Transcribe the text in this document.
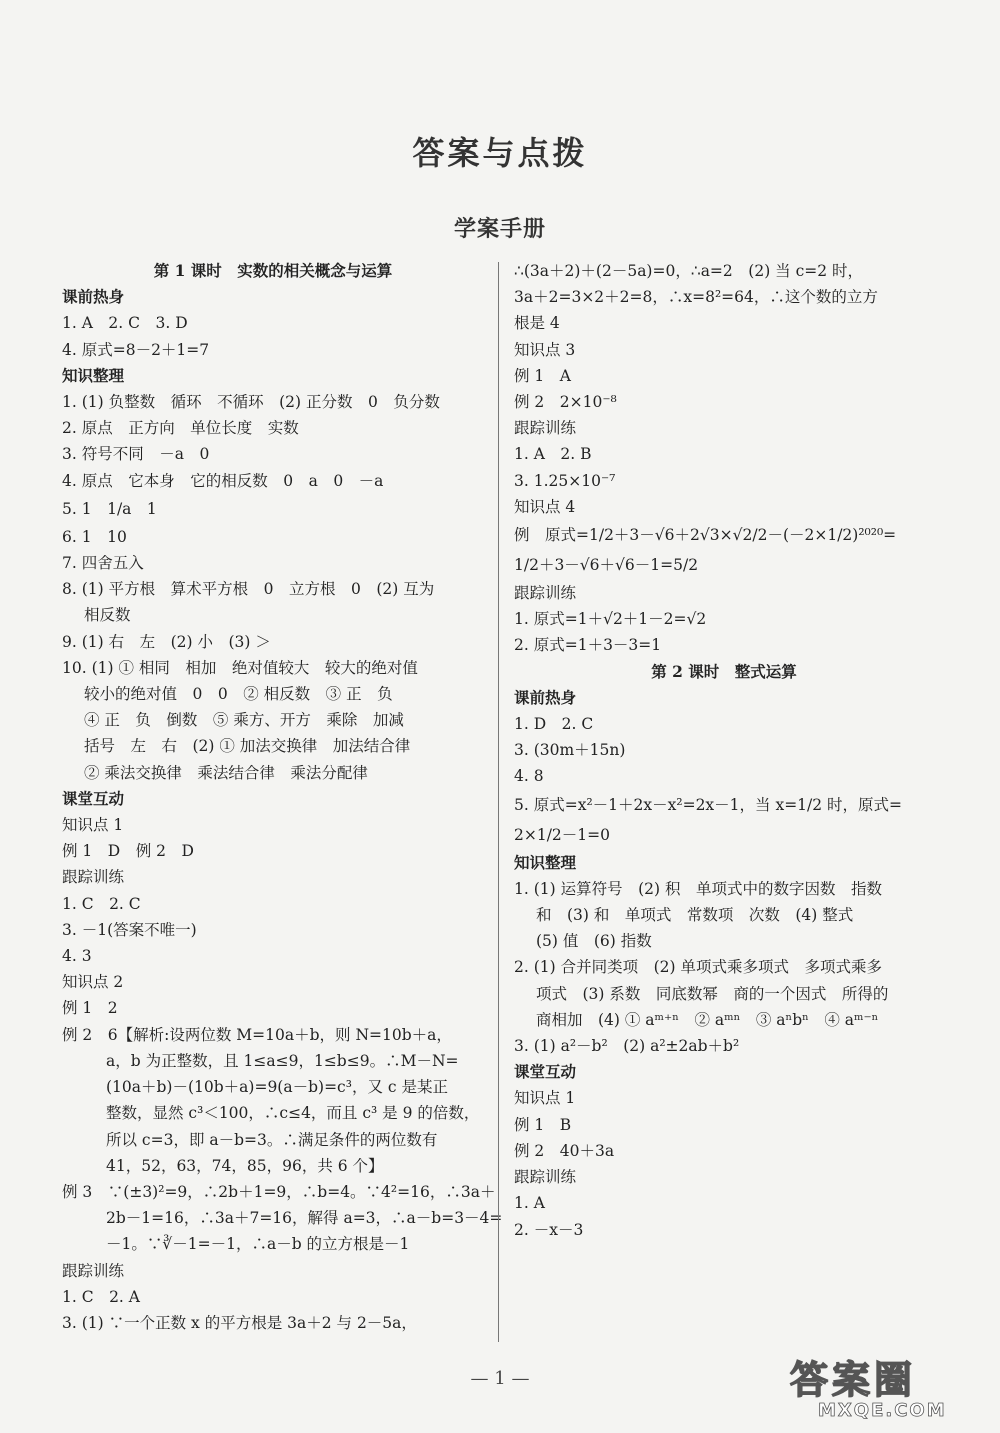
答案与点拨
学案手册
第 1 课时　实数的相关概念与运算
课前热身
1. A　2. C　3. D
4. 原式=8－2＋1=7
知识整理
1. (1) 负整数　循环　不循环　(2) 正分数　0　负分数
2. 原点　正方向　单位长度　实数
3. 符号不同　－a　0
4. 原点　它本身　它的相反数　0　a　0　－a
5. 1　1/a　1
6. 1　10
7. 四舍五入
8. (1) 平方根　算术平方根　0　立方根　0　(2) 互为
相反数
9. (1) 右　左　(2) 小　(3) ＞
10. (1) ① 相同　相加　绝对值较大　较大的绝对值
较小的绝对值　0　0　② 相反数　③ 正　负
④ 正　负　倒数　⑤ 乘方、开方　乘除　加减
括号　左　右　(2) ① 加法交换律　加法结合律
② 乘法交换律　乘法结合律　乘法分配律
课堂互动
知识点 1
例 1　D　例 2　D
跟踪训练
1. C　2. C
3. －1(答案不唯一)
4. 3
知识点 2
例 1　2
例 2　6【解析:设两位数 M=10a＋b，则 N=10b＋a，
a，b 为正整数，且 1≤a≤9，1≤b≤9。∴M－N=
(10a＋b)－(10b＋a)=9(a－b)=c³，又 c 是某正
整数，显然 c³＜100，∴c≤4，而且 c³ 是 9 的倍数，
所以 c=3，即 a－b=3。∴满足条件的两位数有
41，52，63，74，85，96，共 6 个】
例 3　∵(±3)²=9，∴2b＋1=9，∴b=4。∵4²=16，∴3a＋
2b－1=16，∴3a＋7=16，解得 a=3，∴a－b=3－4=
－1。∵∛－1=－1，∴a－b 的立方根是－1
跟踪训练
1. C　2. A
3. (1) ∵一个正数 x 的平方根是 3a＋2 与 2－5a，
∴(3a＋2)＋(2－5a)=0，∴a=2　(2) 当 c=2 时，
3a＋2=3×2＋2=8，∴x=8²=64，∴这个数的立方
根是 4
知识点 3
例 1　A
例 2　2×10⁻⁸
跟踪训练
1. A　2. B
3. 1.25×10⁻⁷
知识点 4
例　原式=1/2＋3－√6＋2√3×√2/2－(－2×1/2)²⁰²⁰=
1/2＋3－√6＋√6－1=5/2
跟踪训练
1. 原式=1＋√2＋1－2=√2
2. 原式=1＋3－3=1
第 2 课时　整式运算
课前热身
1. D　2. C
3. (30m＋15n)
4. 8
5. 原式=x²－1＋2x－x²=2x－1，当 x=1/2 时，原式=
2×1/2－1=0
知识整理
1. (1) 运算符号　(2) 积　单项式中的数字因数　指数
和　(3) 和　单项式　常数项　次数　(4) 整式
(5) 值　(6) 指数
2. (1) 合并同类项　(2) 单项式乘多项式　多项式乘多
项式　(3) 系数　同底数幂　商的一个因式　所得的
商相加　(4) ① aᵐ⁺ⁿ　② aᵐⁿ　③ aⁿbⁿ　④ aᵐ⁻ⁿ
3. (1) a²－b²　(2) a²±2ab＋b²
课堂互动
知识点 1
例 1　B
例 2　40＋3a
跟踪训练
1. A
2. －x－3
— 1 —	答案圈
MXQE.COM
